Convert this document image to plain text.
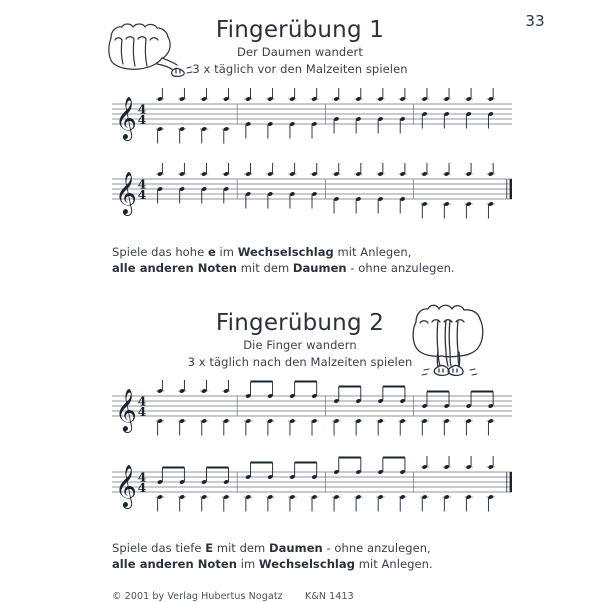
33
Fingerübung 1
Der Daumen wandert
3 x täglich vor den Malzeiten spielen
𝄞 4
4
𝄞 4
4
Spiele das hohe e im Wechselschlag mit Anlegen,
alle anderen Noten mit dem Daumen - ohne anzulegen.
Fingerübung 2
Die Finger wandern
3 x täglich nach den Malzeiten spielen
𝄞 4
4
𝄞 4
4
Spiele das tiefe E mit dem Daumen - ohne anzulegen,
alle anderen Noten im Wechselschlag mit Anlegen.
© 2001 by Verlag Hubertus Nogatz K&N 1413
